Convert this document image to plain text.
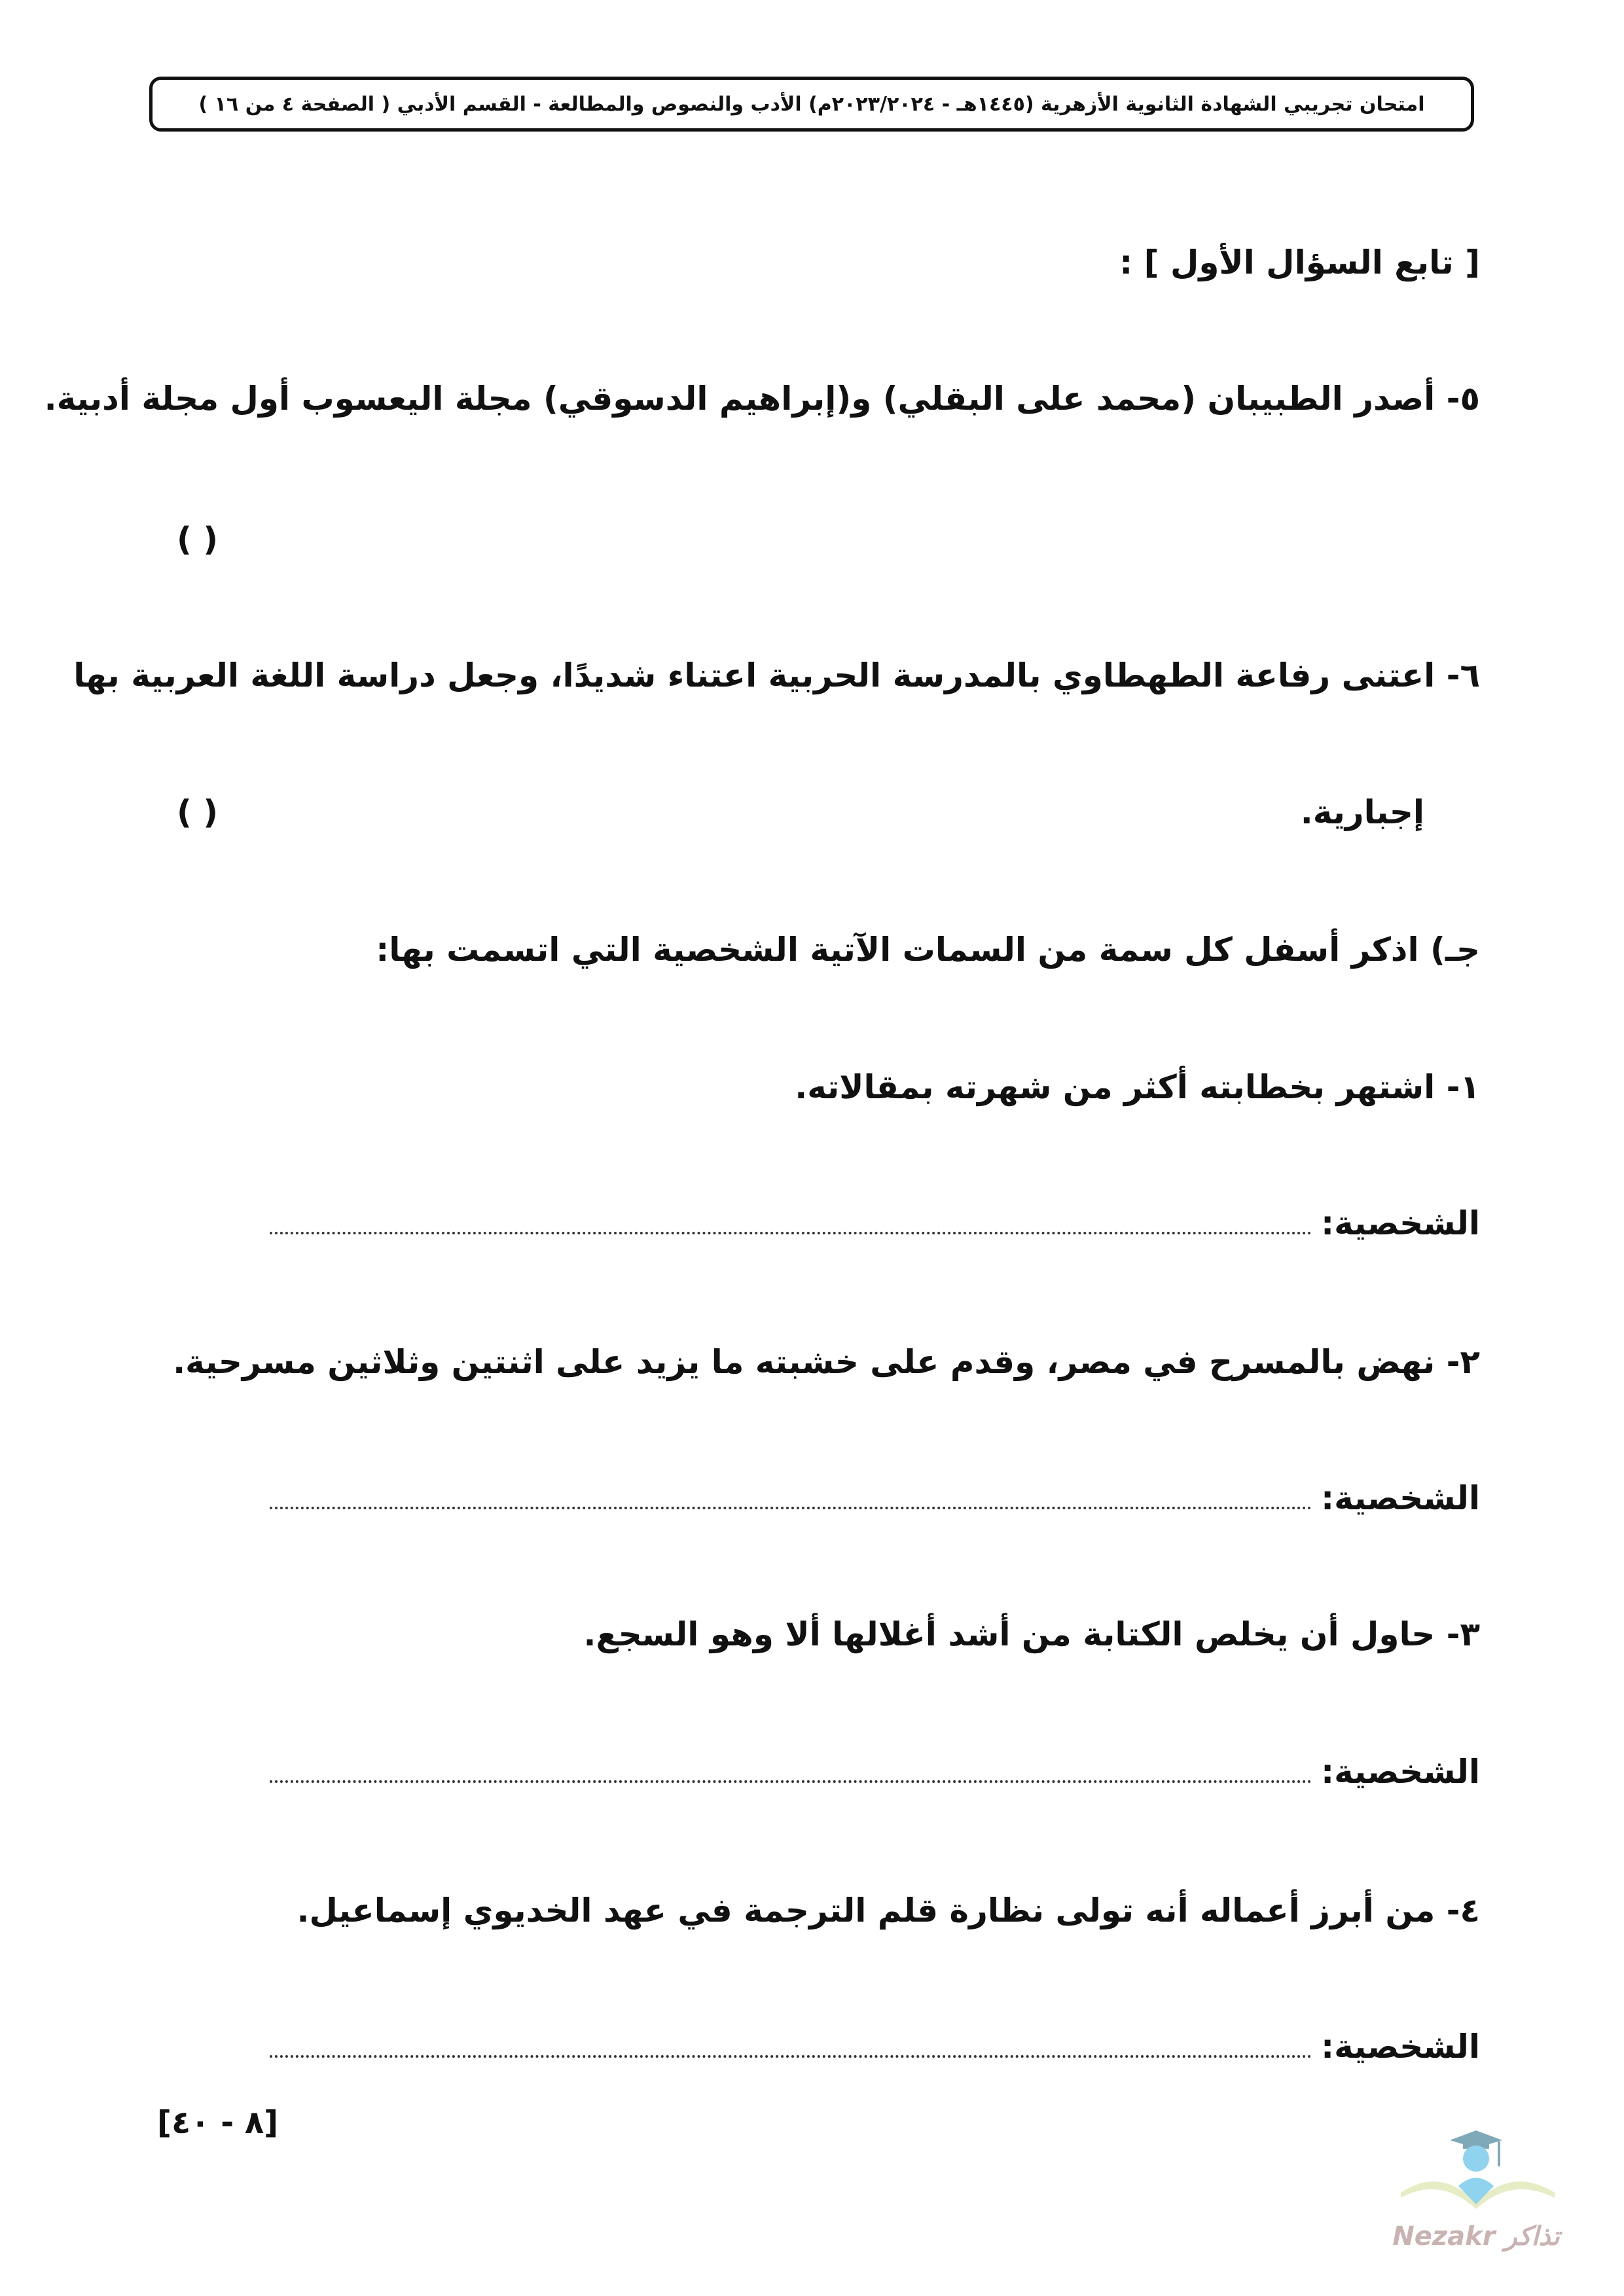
امتحان تجريبي الشهادة الثانوية الأزهرية (١٤٤٥هـ - ٢٠٢٣/٢٠٢٤م) الأدب والنصوص والمطالعة - القسم الأدبي ( الصفحة ٤ من ١٦ )
[ تابع السؤال الأول ] :
٥- أصدر الطبيبان (محمد على البقلي) و(إبراهيم الدسوقي) مجلة اليعسوب أول مجلة أدبية.
( )
٦- اعتنى رفاعة الطهطاوي بالمدرسة الحربية اعتناء شديدًا، وجعل دراسة اللغة العربية بها
إجبارية.
( )
جـ) اذكر أسفل كل سمة من السمات الآتية الشخصية التي اتسمت بها:
١- اشتهر بخطابته أكثر من شهرته بمقالاته.
الشخصية:
٢- نهض بالمسرح في مصر، وقدم على خشبته ما يزيد على اثنتين وثلاثين مسرحية.
الشخصية:
٣- حاول أن يخلص الكتابة من أشد أغلالها ألا وهو السجع.
الشخصية:
٤- من أبرز أعماله أنه تولى نظارة قلم الترجمة في عهد الخديوي إسماعيل.
الشخصية:
[٨ - ٤٠]
Nezakr تذاكر
